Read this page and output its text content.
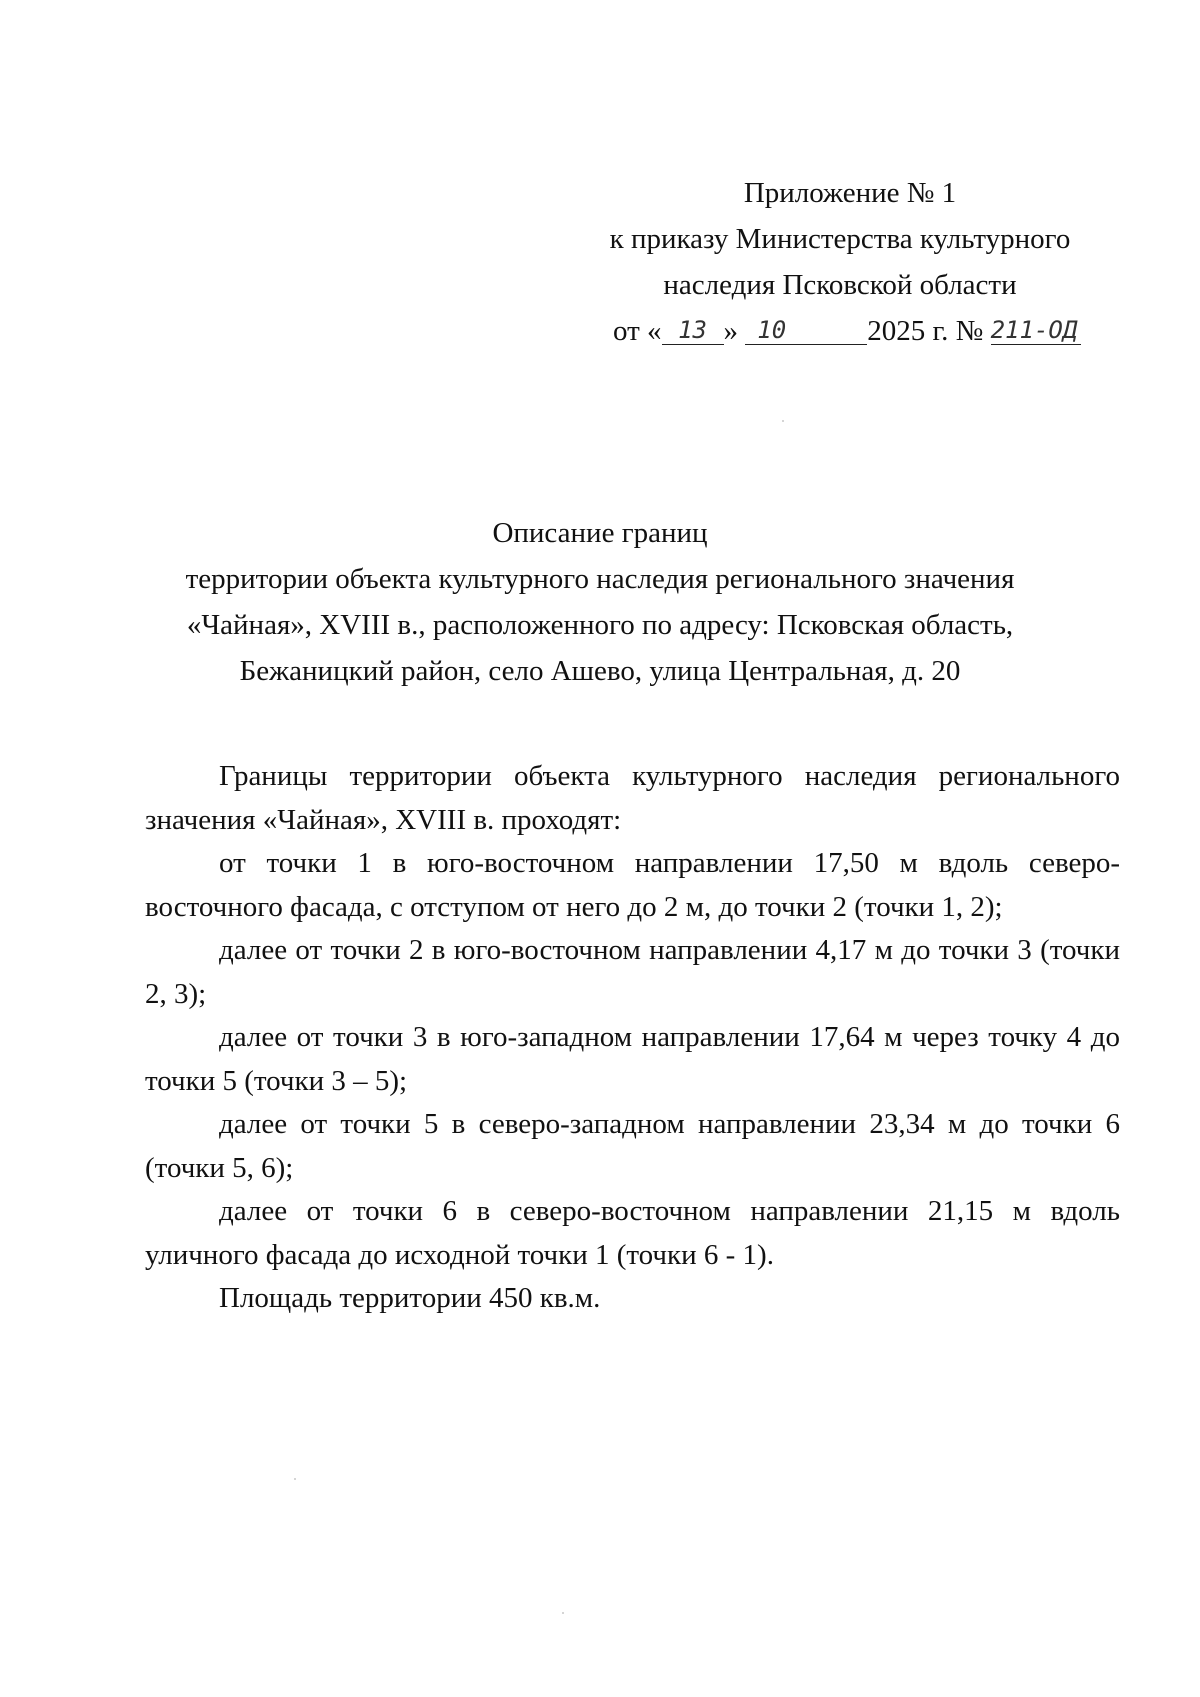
Приложение № 1
к приказу Министерства культурного
наследия Псковской области
от « 13 » 10	2025 г. № 211-ОД
Описание границ
территории объекта культурного наследия регионального значения
«Чайная», XVIII в., расположенного по адресу: Псковская область,
Бежаницкий район, село Ашево, улица Центральная, д. 20

Границы территории объекта культурного наследия регионального значения «Чайная», XVIII в. проходят:

от точки 1 в юго-восточном направлении 17,50 м вдоль северо-восточного фасада, с отступом от него до 2 м, до точки 2 (точки 1, 2);

далее от точки 2 в юго-восточном направлении 4,17 м до точки 3 (точки 2, 3);

далее от точки 3 в юго-западном направлении 17,64 м через точку 4 до точки 5 (точки 3 – 5);

далее от точки 5 в северо-западном направлении 23,34 м до точки 6 (точки 5, 6);

далее от точки 6 в северо-восточном направлении 21,15 м вдоль уличного фасада до исходной точки 1 (точки 6 - 1).

Площадь территории 450 кв.м.
